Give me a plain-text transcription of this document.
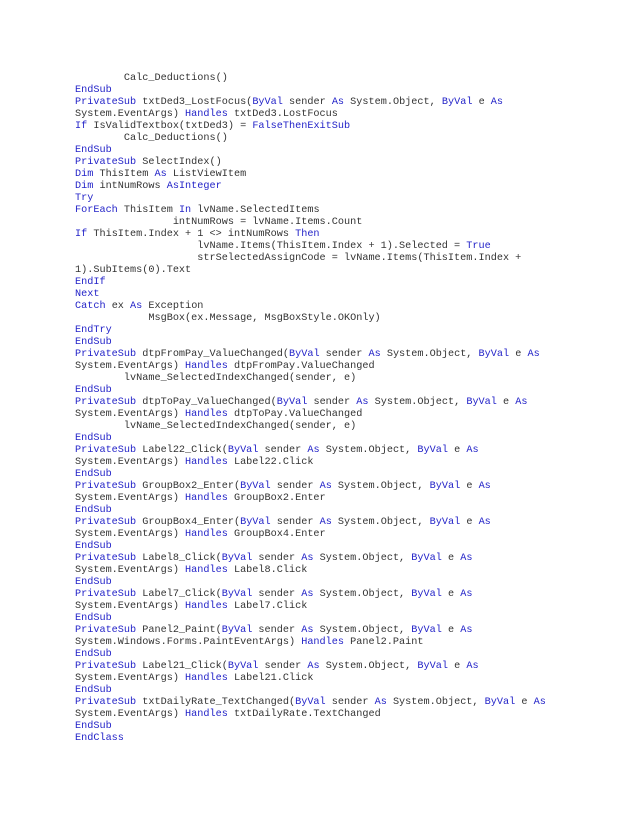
Calc_Deductions()
EndSub
PrivateSub txtDed3_LostFocus(ByVal sender As System.Object, ByVal e As
System.EventArgs) Handles txtDed3.LostFocus
If IsValidTextbox(txtDed3) = FalseThenExitSub
Calc_Deductions()
EndSub
PrivateSub SelectIndex()
Dim ThisItem As ListViewItem
Dim intNumRows AsInteger
Try
ForEach ThisItem In lvName.SelectedItems
intNumRows = lvName.Items.Count
If ThisItem.Index + 1 <> intNumRows Then
lvName.Items(ThisItem.Index + 1).Selected = True
strSelectedAssignCode = lvName.Items(ThisItem.Index +
1).SubItems(0).Text
EndIf
Next
Catch ex As Exception
MsgBox(ex.Message, MsgBoxStyle.OKOnly)
EndTry
EndSub
PrivateSub dtpFromPay_ValueChanged(ByVal sender As System.Object, ByVal e As
System.EventArgs) Handles dtpFromPay.ValueChanged
lvName_SelectedIndexChanged(sender, e)
EndSub
PrivateSub dtpToPay_ValueChanged(ByVal sender As System.Object, ByVal e As
System.EventArgs) Handles dtpToPay.ValueChanged
lvName_SelectedIndexChanged(sender, e)
EndSub
PrivateSub Label22_Click(ByVal sender As System.Object, ByVal e As
System.EventArgs) Handles Label22.Click
EndSub
PrivateSub GroupBox2_Enter(ByVal sender As System.Object, ByVal e As
System.EventArgs) Handles GroupBox2.Enter
EndSub
PrivateSub GroupBox4_Enter(ByVal sender As System.Object, ByVal e As
System.EventArgs) Handles GroupBox4.Enter
EndSub
PrivateSub Label8_Click(ByVal sender As System.Object, ByVal e As
System.EventArgs) Handles Label8.Click
EndSub
PrivateSub Label7_Click(ByVal sender As System.Object, ByVal e As
System.EventArgs) Handles Label7.Click
EndSub
PrivateSub Panel2_Paint(ByVal sender As System.Object, ByVal e As
System.Windows.Forms.PaintEventArgs) Handles Panel2.Paint
EndSub
PrivateSub Label21_Click(ByVal sender As System.Object, ByVal e As
System.EventArgs) Handles Label21.Click
EndSub
PrivateSub txtDailyRate_TextChanged(ByVal sender As System.Object, ByVal e As
System.EventArgs) Handles txtDailyRate.TextChanged
EndSub
EndClass
